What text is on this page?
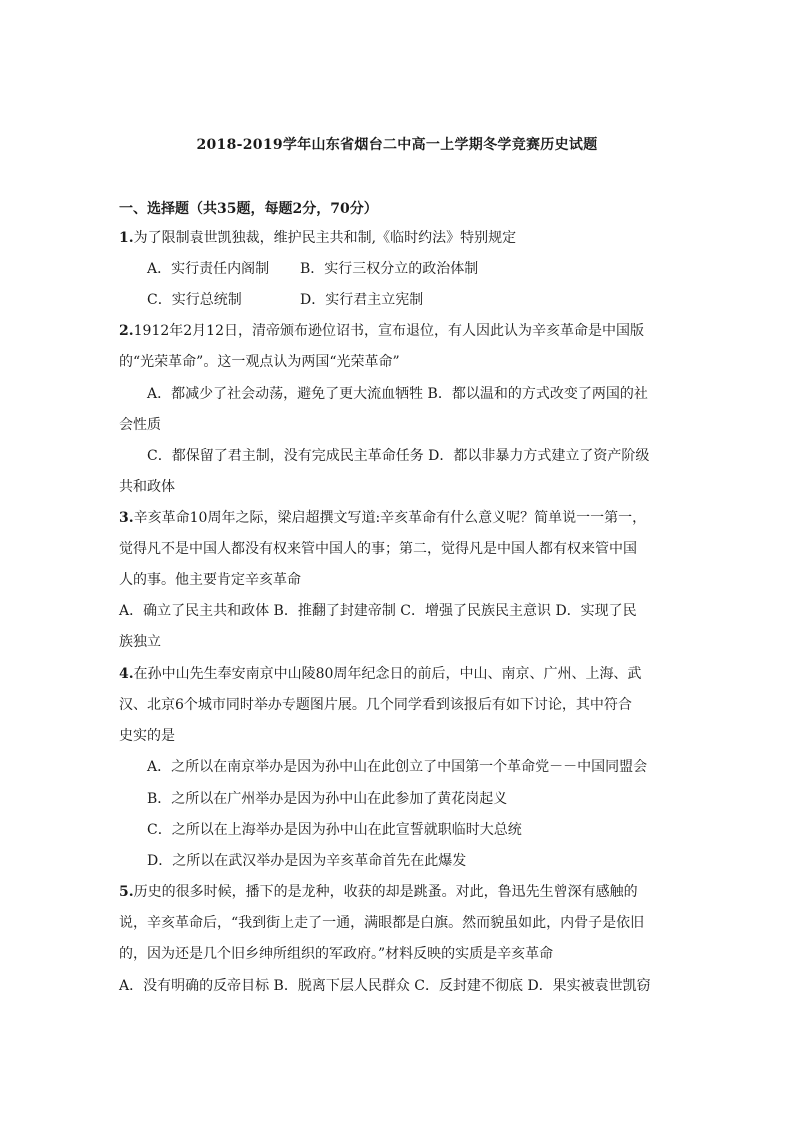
2018-2019学年山东省烟台二中高一上学期冬学竞赛历史试题
一、选择题（共35题，每题2分，70分）
1.为了限制袁世凯独裁，维护民主共和制,《临时约法》特别规定
A．实行责任内阁制 B．实行三权分立的政治体制
C．实行总统制	D．实行君主立宪制
2.1912年2月12日，清帝颁布逊位诏书，宣布退位，有人因此认为辛亥革命是中国版
的“光荣革命”。这一观点认为两国“光荣革命”
A．都减少了社会动荡，避免了更大流血牺牲 B．都以温和的方式改变了两国的社
会性质
C．都保留了君主制，没有完成民主革命任务 D．都以非暴力方式建立了资产阶级
共和政体
3.辛亥革命10周年之际，梁启超撰文写道:辛亥革命有什么意义呢？简单说一一第一，
觉得凡不是中国人都没有权来管中国人的事；第二，觉得凡是中国人都有权来管中国
人的事。他主要肯定辛亥革命
A．确立了民主共和政体 B．推翻了封建帝制 C．增强了民族民主意识 D．实现了民
族独立
4.在孙中山先生奉安南京中山陵80周年纪念日的前后，中山、南京、广州、上海、武
汉、北京6个城市同时举办专题图片展。几个同学看到该报后有如下讨论，其中符合
史实的是
A．之所以在南京举办是因为孙中山在此创立了中国第一个革命党－－中国同盟会
B．之所以在广州举办是因为孙中山在此参加了黄花岗起义
C．之所以在上海举办是因为孙中山在此宣誓就职临时大总统
D．之所以在武汉举办是因为辛亥革命首先在此爆发
5.历史的很多时候，播下的是龙种，收获的却是跳蚤。对此，鲁迅先生曾深有感触的
说，辛亥革命后，“我到街上走了一通，满眼都是白旗。然而貌虽如此，内骨子是依旧
的，因为还是几个旧乡绅所组织的军政府。”材料反映的实质是辛亥革命
A．没有明确的反帝目标 B．脱离下层人民群众 C．反封建不彻底 D．果实被袁世凯窃
